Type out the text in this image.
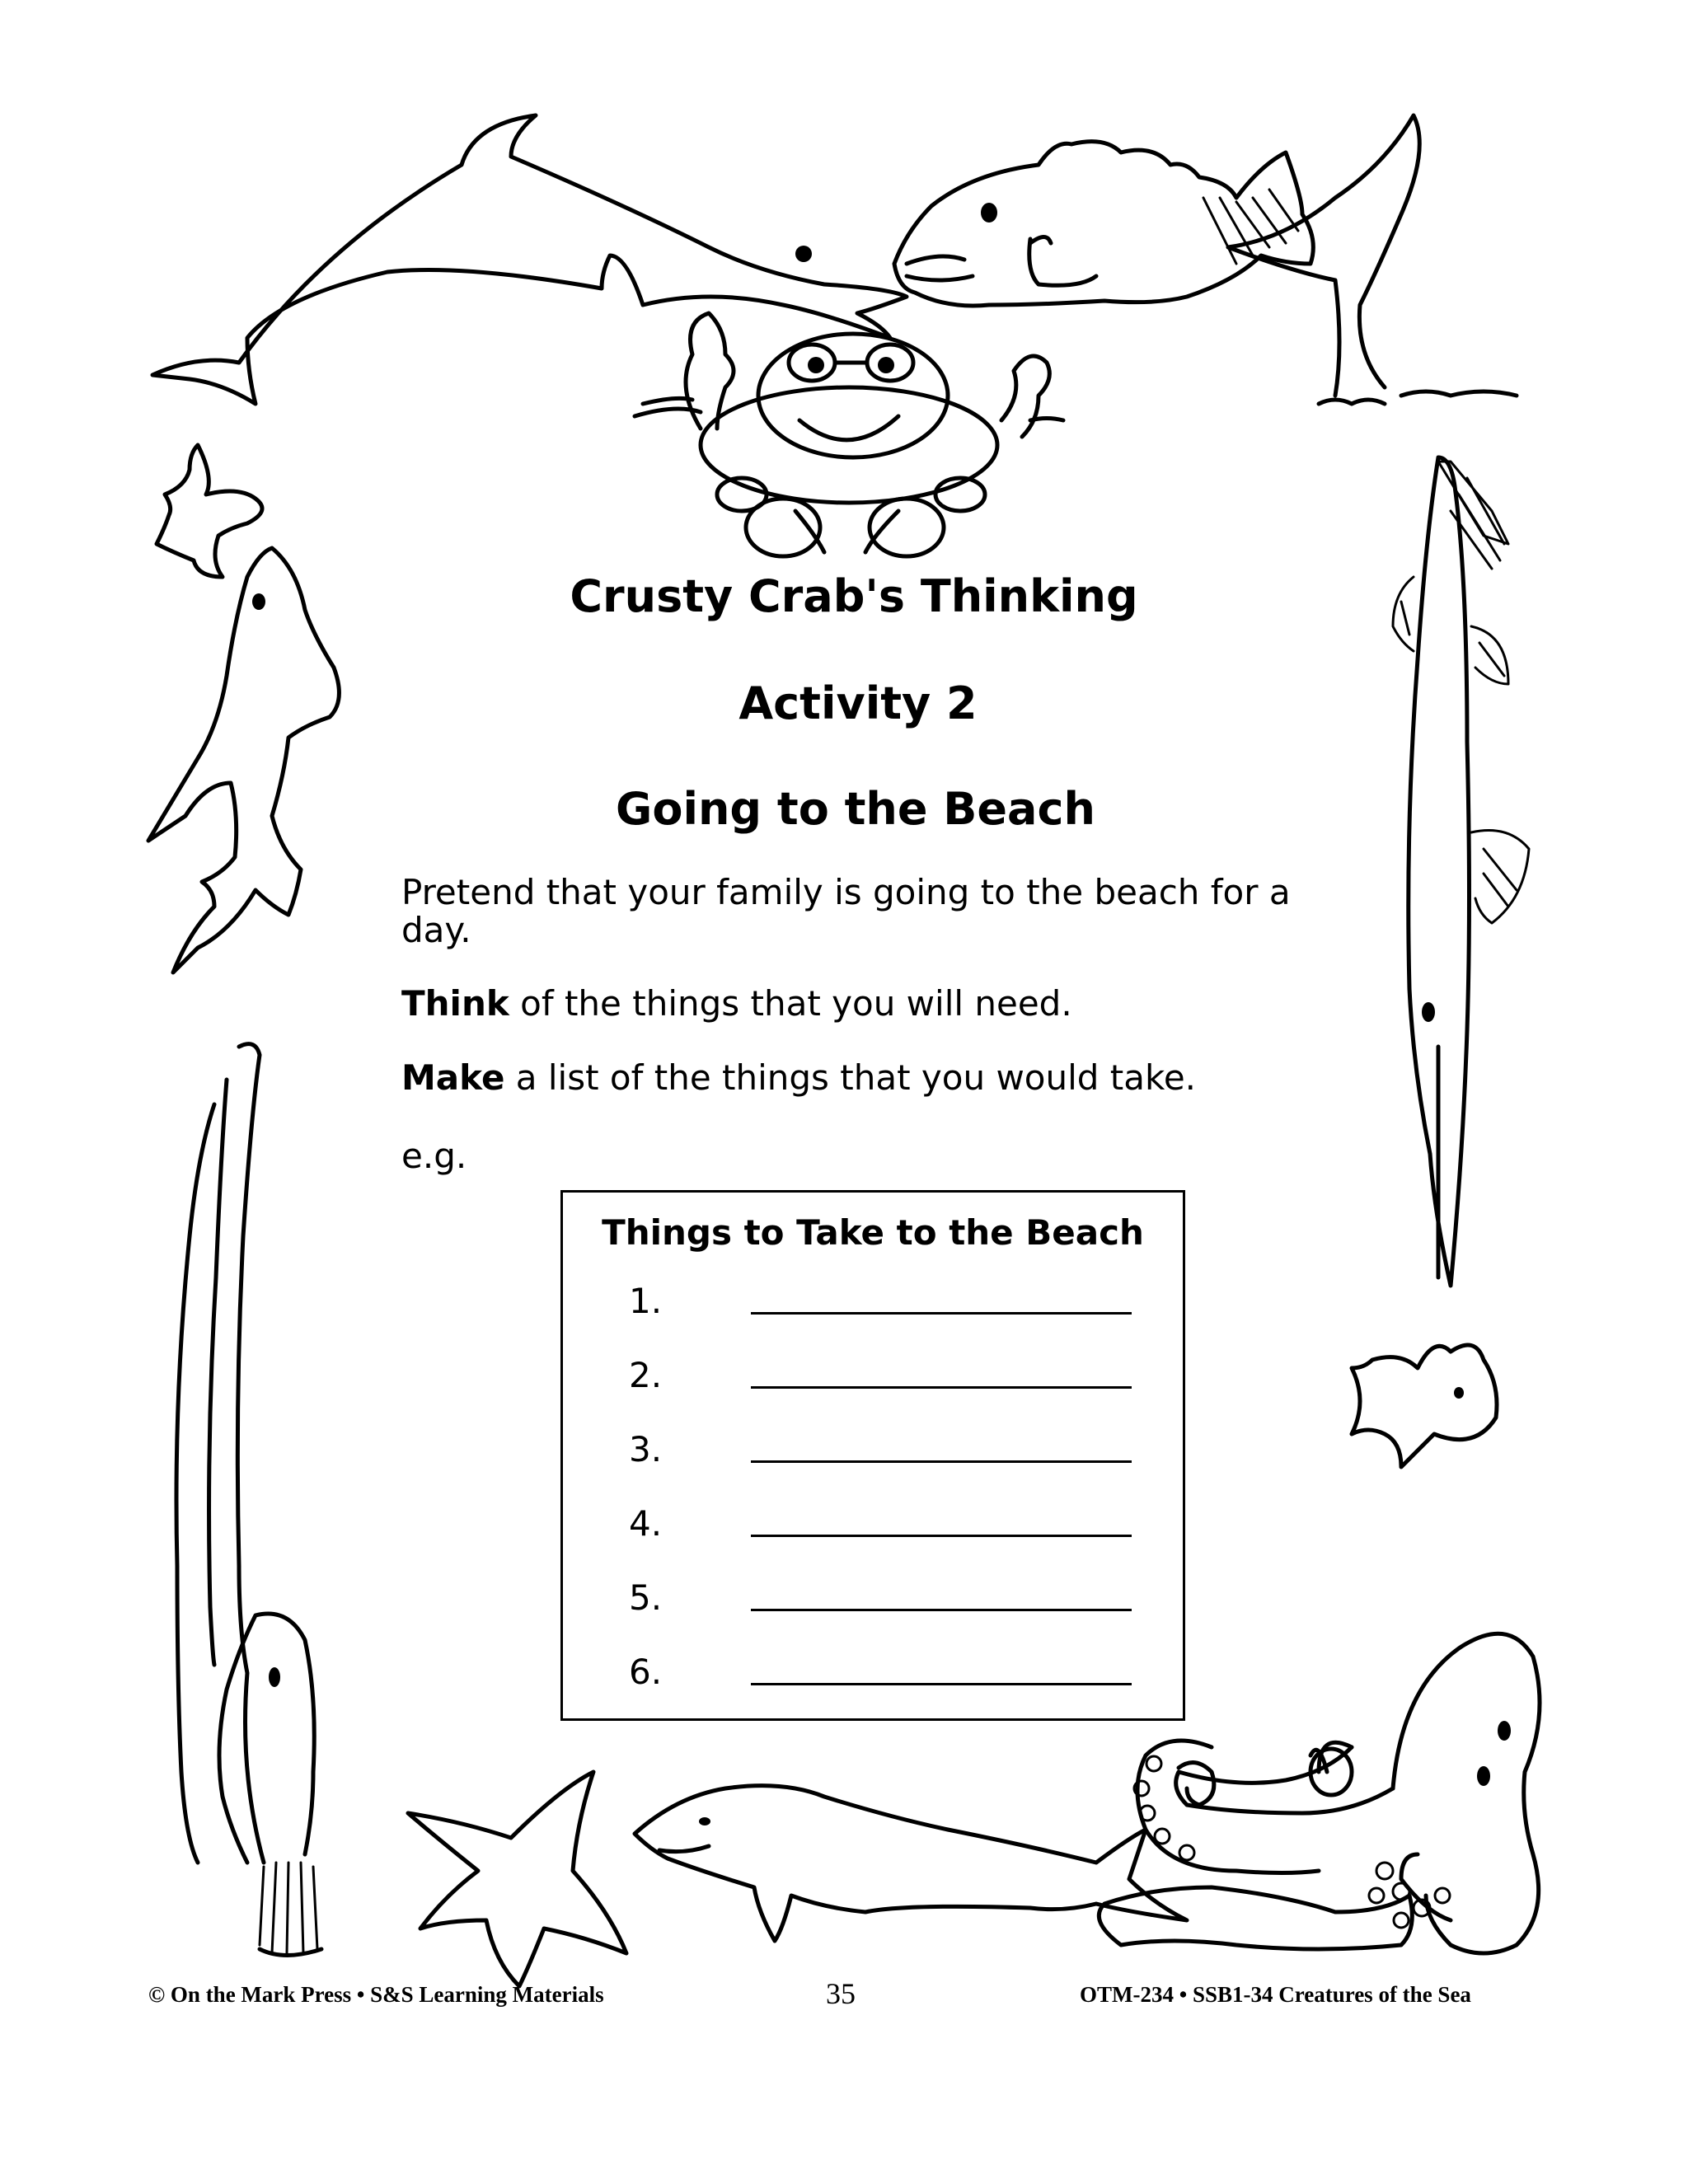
Crusty Crab's Thinking
Activity 2
Going to the Beach
Pretend that your family is going to the beach for a day.
Think of the things that you will need.
Make a list of the things that you would take.
e.g.
Things to Take to the Beach
1.
2.
3.
4.
5.
6.
© On the Mark Press • S&S Learning Materials	35	OTM-234 • SSB1-34 Creatures of the Sea
